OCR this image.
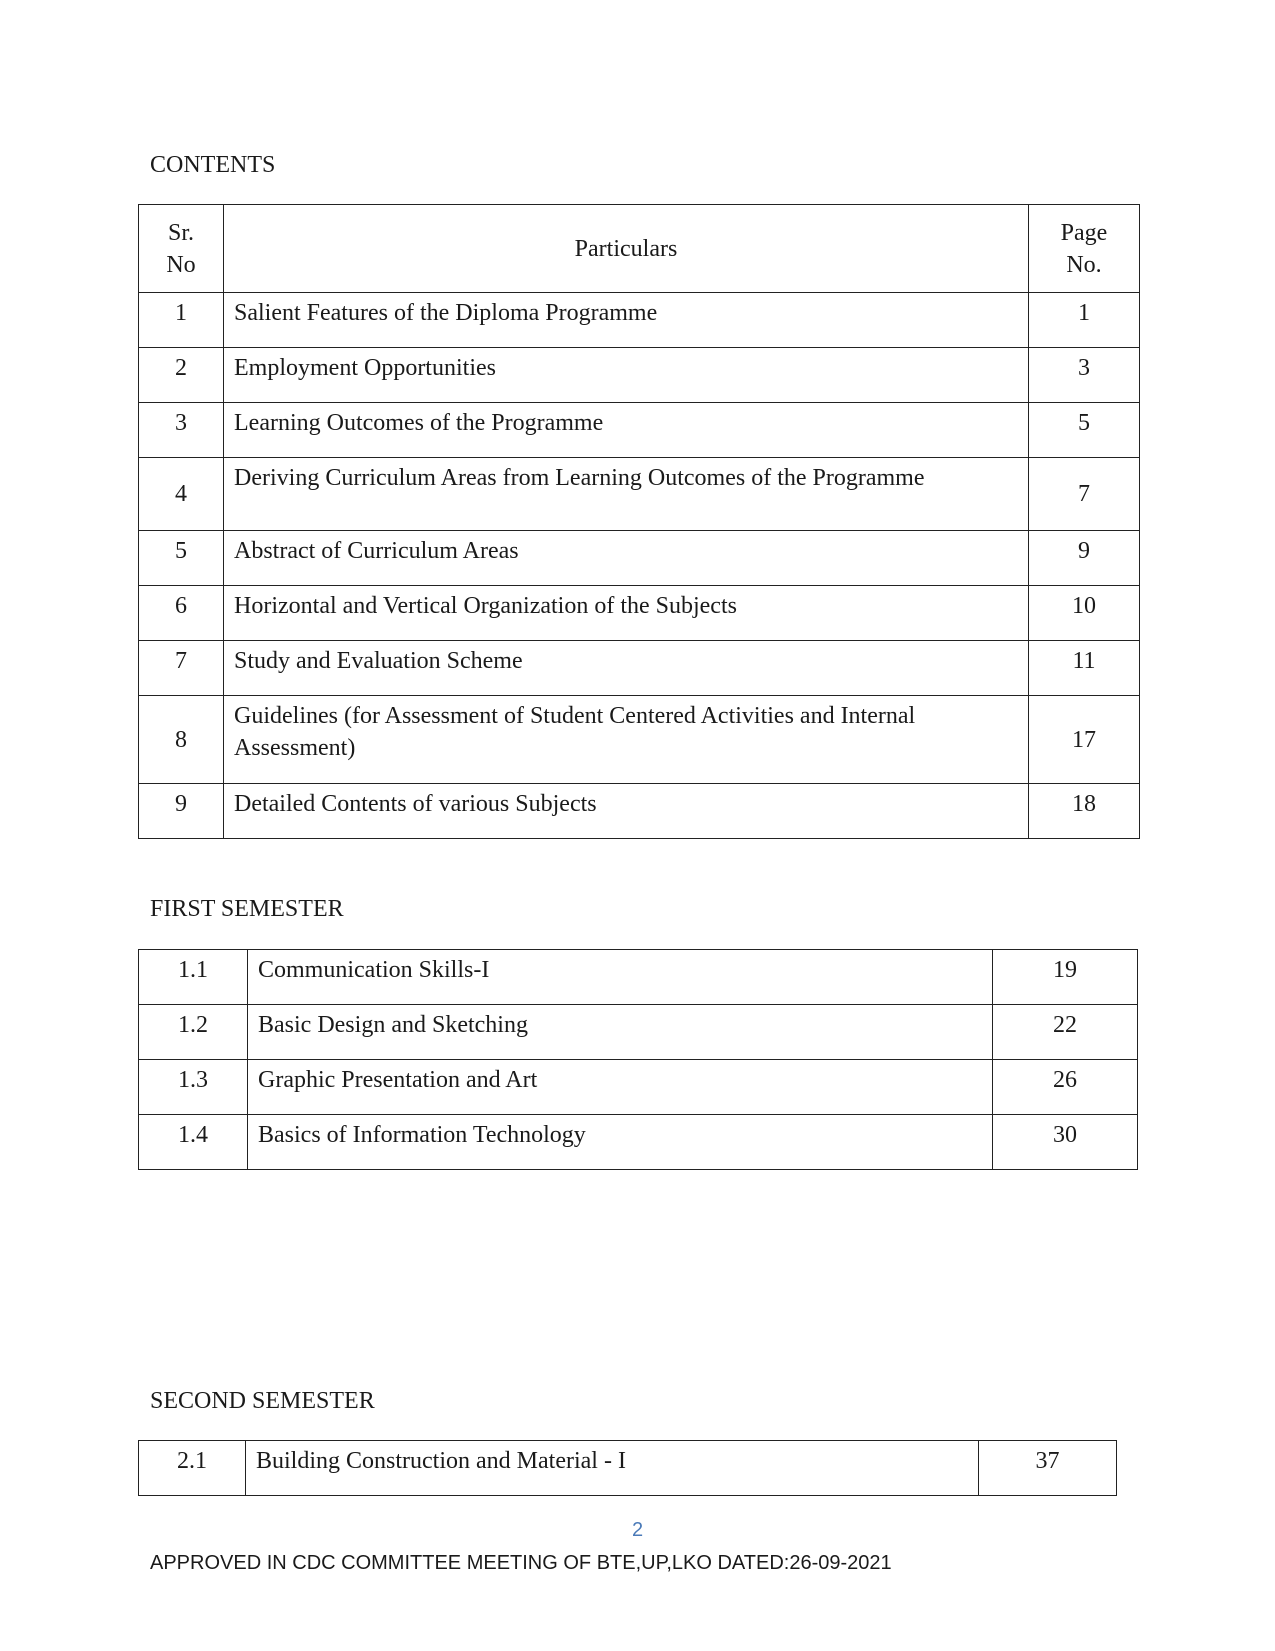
CONTENTS
Sr. No	Particulars	Page No.

1	Salient Features of the Diploma Programme	1
2	Employment Opportunities	3
3	Learning Outcomes of the Programme	5
4	Deriving Curriculum Areas from Learning Outcomes of the Programme	7
5	Abstract of Curriculum Areas	9
6	Horizontal and Vertical Organization of the Subjects	10
7	Study and Evaluation Scheme	11
8	Guidelines (for Assessment of Student Centered Activities and Internal Assessment)	17
9	Detailed Contents of various Subjects	18
FIRST SEMESTER
1.1	Communication Skills-I	19
1.2	Basic Design and Sketching	22
1.3	Graphic Presentation and Art	26
1.4	Basics of Information Technology	30
SECOND SEMESTER
2.1	Building Construction and Material - I	37
2
APPROVED IN CDC COMMITTEE MEETING OF BTE,UP,LKO DATED:26-09-2021
